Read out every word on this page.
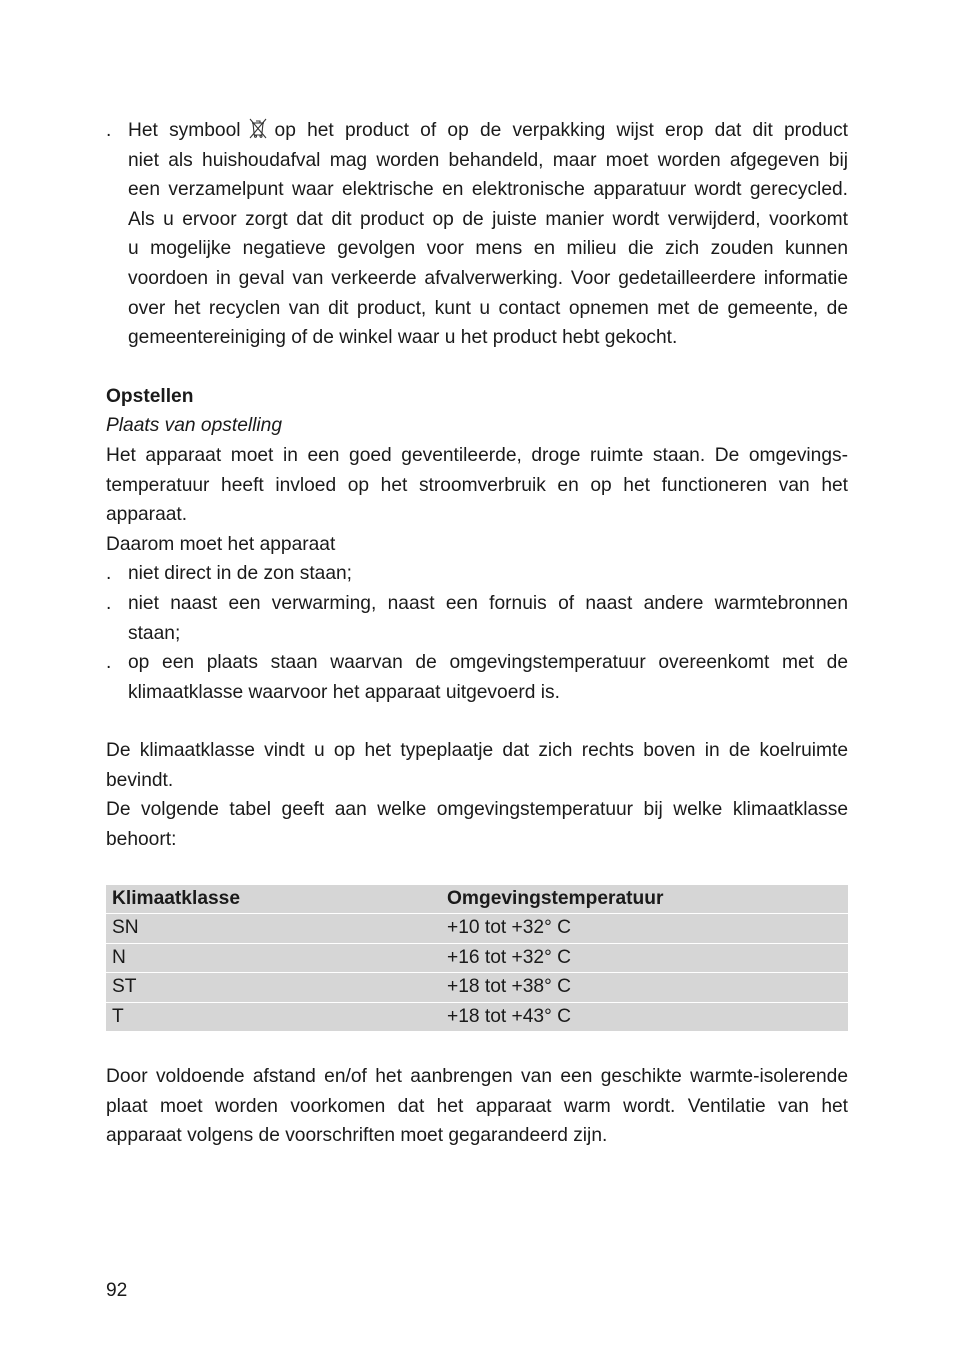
. Het symbool op het product of op de verpakking wijst erop dat dit product

niet als huishoudafval mag worden behandeld, maar moet worden afgegeven bij

een verzamelpunt waar elektrische en elektronische apparatuur wordt gerecycled.

Als u ervoor zorgt dat dit product op de juiste manier wordt verwijderd, voorkomt

u mogelijke negatieve gevolgen voor mens en milieu die zich zouden kunnen

voordoen in geval van verkeerde afvalverwerking. Voor gedetailleerdere informatie

over het recyclen van dit product, kunt u contact opnemen met de gemeente, de

gemeentereiniging of de winkel waar u het product hebt gekocht.

Opstellen

Plaats van opstelling

Het apparaat moet in een goed geventileerde, droge ruimte staan. De omgevings-

temperatuur heeft invloed op het stroomverbruik en op het functioneren van het

apparaat.

Daarom moet het apparaat

. niet direct in de zon staan;

. niet naast een verwarming, naast een fornuis of naast andere warmtebronnen

staan;

. op een plaats staan waarvan de omgevingstemperatuur overeenkomt met de

klimaatklasse waarvoor het apparaat uitgevoerd is.

De klimaatklasse vindt u op het typeplaatje dat zich rechts boven in de koelruimte

bevindt.

De volgende tabel geeft aan welke omgevingstemperatuur bij welke klimaatklasse

behoort:

Klimaatklasse	Omgevingstemperatuur
SN	+10 tot +32° C
N	+16 tot +32° C
ST	+18 tot +38° C
T	+18 tot +43° C

Door voldoende afstand en/of het aanbrengen van een geschikte warmte-isolerende

plaat moet worden voorkomen dat het apparaat warm wordt. Ventilatie van het

apparaat volgens de voorschriften moet gegarandeerd zijn.

92
